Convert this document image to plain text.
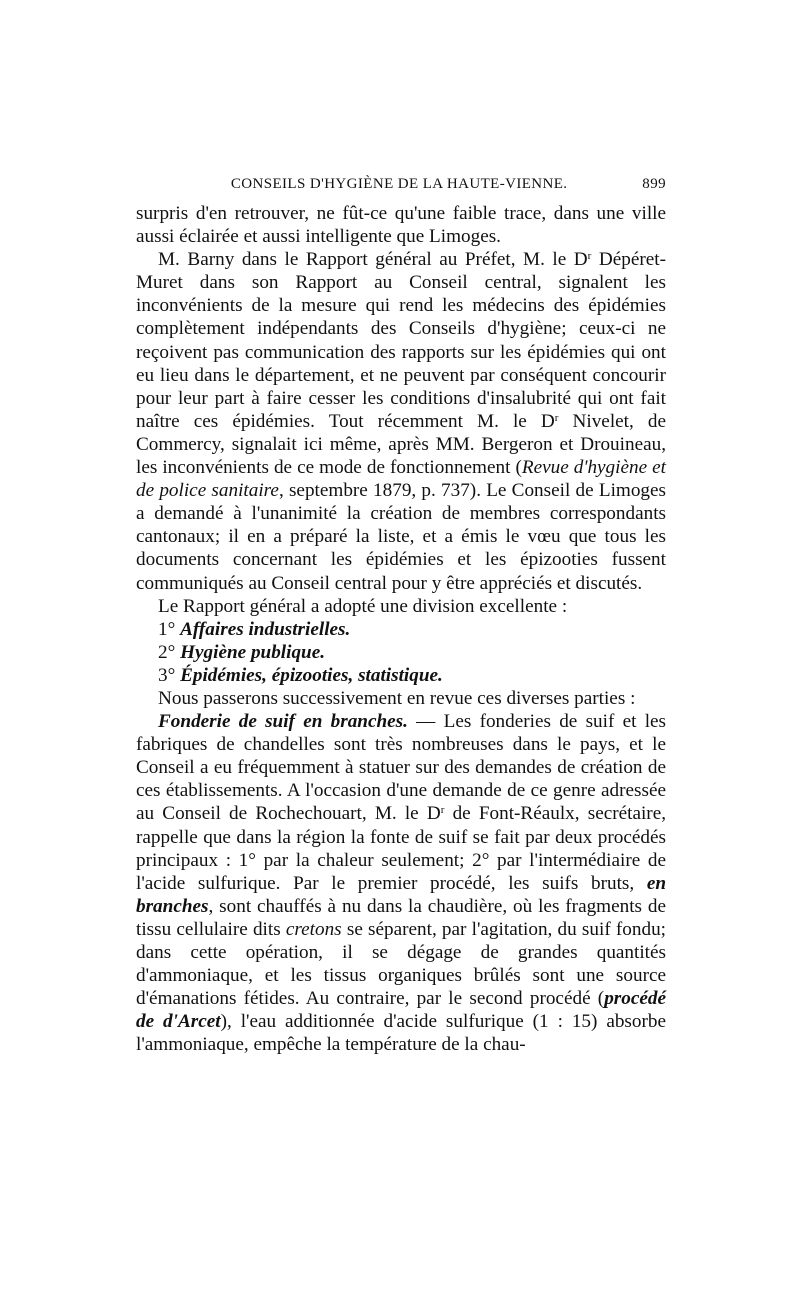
CONSEILS D'HYGIÈNE DE LA HAUTE-VIENNE.	899

surpris d'en retrouver, ne fût-ce qu'une faible trace, dans une ville aussi éclairée et aussi intelligente que Limoges.

M. Barny dans le Rapport général au Préfet, M. le $D^r$ Dépéret-Muret dans son Rapport au Conseil central, signalent les inconvénients de la mesure qui rend les médecins des épidémies complètement indépendants des Conseils d'hygiène; ceux-ci ne reçoivent pas communication des rapports sur les épidémies qui ont eu lieu dans le département, et ne peuvent par conséquent concourir pour leur part à faire cesser les conditions d'insalubrité qui ont fait naître ces épidémies. Tout récemment M. le $D^r$ Nivelet, de Commercy, signalait ici même, après MM. Bergeron et Drouineau, les inconvénients de ce mode de fonctionnement (Revue d'hygiène et de police sanitaire, septembre 1879, p. 737). Le Conseil de Limoges a demandé à l'unanimité la création de membres correspondants cantonaux; il en a préparé la liste, et a émis le vœu que tous les documents concernant les épidémies et les épizooties fussent communiqués au Conseil central pour y être appréciés et discutés.

Le Rapport général a adopté une division excellente :

1° Affaires industrielles.

2° Hygiène publique.

3° Épidémies, épizooties, statistique.

Nous passerons successivement en revue ces diverses parties :

Fonderie de suif en branches. — Les fonderies de suif et les fabriques de chandelles sont très nombreuses dans le pays, et le Conseil a eu fréquemment à statuer sur des demandes de création de ces établissements. A l'occasion d'une demande de ce genre adressée au Conseil de Rochechouart, M. le $D^r$ de Font-Réaulx, secrétaire, rappelle que dans la région la fonte de suif se fait par deux procédés principaux : 1° par la chaleur seulement; 2° par l'intermédiaire de l'acide sulfurique. Par le premier procédé, les suifs bruts, en branches, sont chauffés à nu dans la chaudière, où les fragments de tissu cellulaire dits cretons se séparent, par l'agitation, du suif fondu; dans cette opération, il se dégage de grandes quantités d'ammoniaque, et les tissus organiques brûlés sont une source d'émanations fétides. Au contraire, par le second procédé (procédé de d'Arcet), l'eau additionnée d'acide sulfurique (1 : 15) absorbe l'ammoniaque, empêche la température de la chau-
